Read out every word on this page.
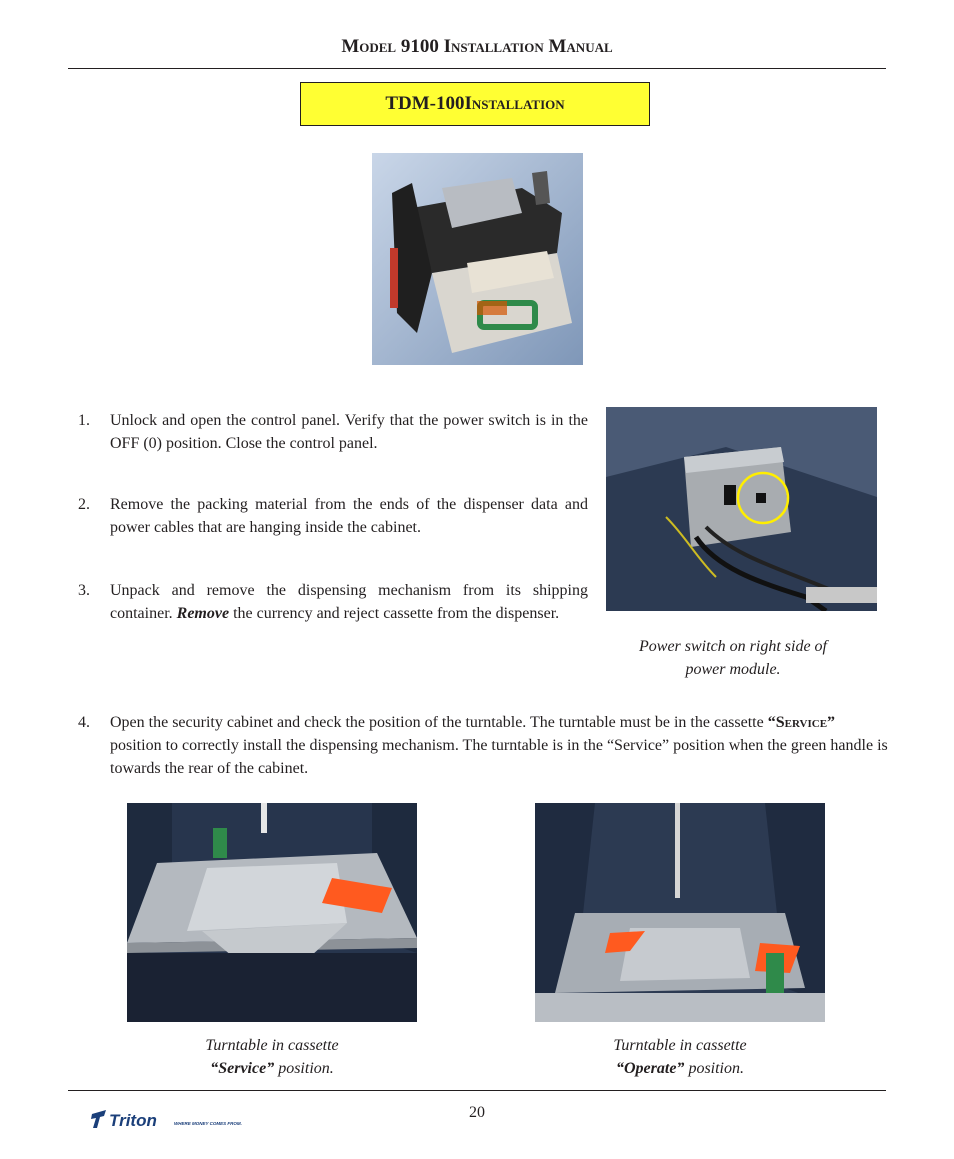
Model 9100 Installation Manual
TDM-100 I nstallation
1. Unlock and open the control panel. Verify that the power switch is in the OFF (0) position. Close the control panel.
2. Remove the packing material from the ends of the dispenser data and power cables that are hanging inside the cabinet.
3. Unpack and remove the dispensing mechanism from its shipping container. Remove the currency and reject cassette from the dispenser.
Power switch on right side of
power module.
4. Open the security cabinet and check the position of the turntable. The turntable must be in the cassette “Service” position to correctly install the dispensing mechanism. The turntable is in the “Service” position when the green handle is towards the rear of the cabinet.
Turntable in cassette
“Service” position.
Turntable in cassette
“Operate” position.
20
Triton	WHERE MONEY COMES FROM.
